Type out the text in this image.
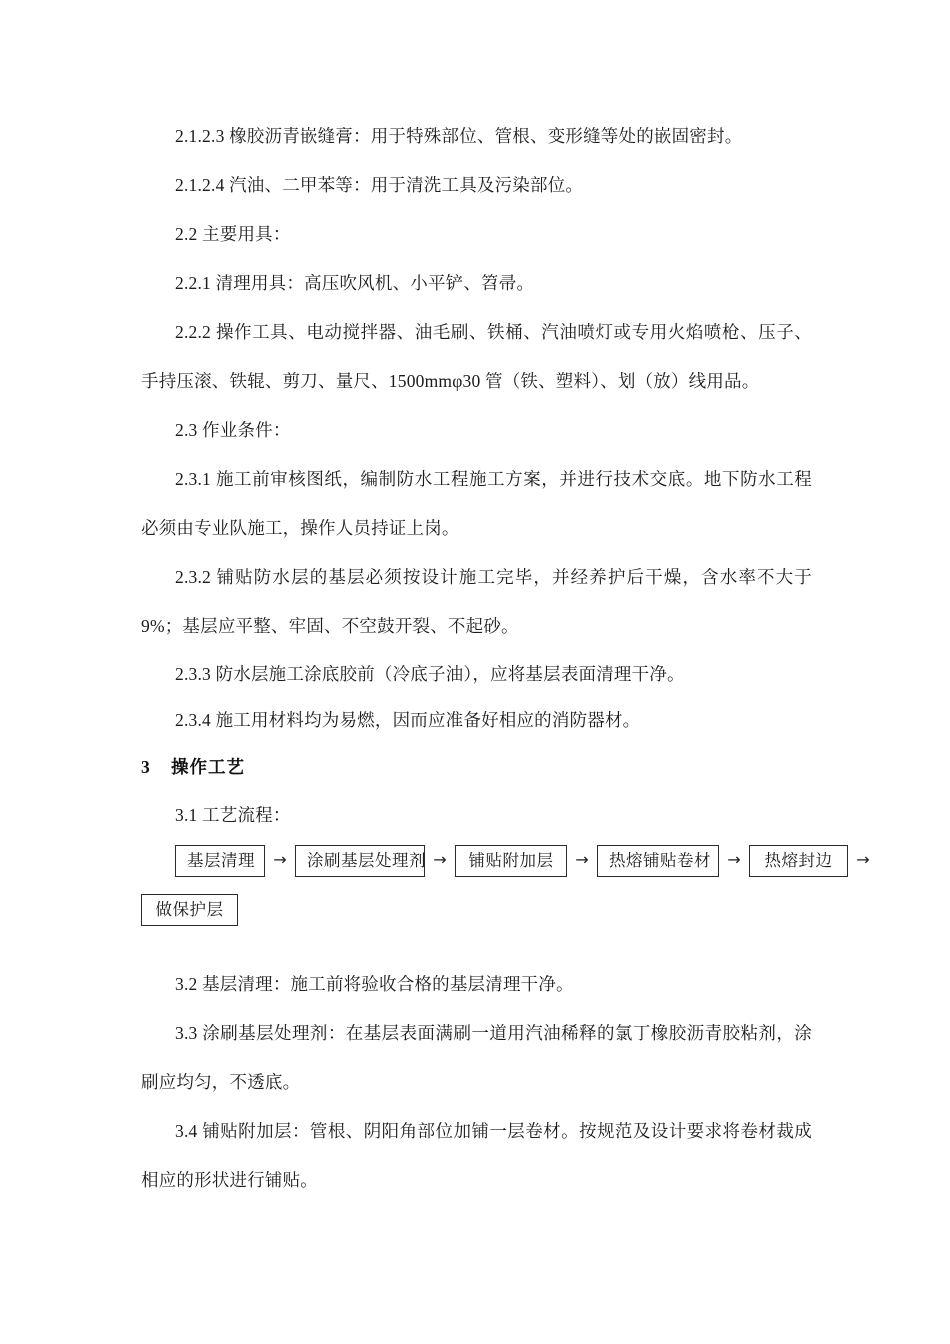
2.1.2.3 橡胶沥青嵌缝膏：用于特殊部位、管根、变形缝等处的嵌固密封。

2.1.2.4 汽油、二甲苯等：用于清洗工具及污染部位。

2.2 主要用具：

2.2.1 清理用具：高压吹风机、小平铲、笤帚。

2.2.2 操作工具、电动搅拌器、油毛刷、铁桶、汽油喷灯或专用火焰喷枪、压子、手持压滚、铁辊、剪刀、量尺、1500mmφ30 管（铁、塑料）、划（放）线用品。

2.3 作业条件：

2.3.1 施工前审核图纸，编制防水工程施工方案，并进行技术交底。地下防水工程必须由专业队施工，操作人员持证上岗。

2.3.2 铺贴防水层的基层必须按设计施工完毕，并经养护后干燥，含水率不大于 9%；基层应平整、牢固、不空鼓开裂、不起砂。

2.3.3 防水层施工涂底胶前（冷底子油），应将基层表面清理干净。

2.3.4 施工用材料均为易燃，因而应准备好相应的消防器材。

3 操作工艺

3.1 工艺流程：

基层清理 → 涂刷基层处理剂 → 铺贴附加层 → 热熔铺贴卷材 → 热熔封边 →
做保护层

3.2 基层清理：施工前将验收合格的基层清理干净。

3.3 涂刷基层处理剂：在基层表面满刷一道用汽油稀释的氯丁橡胶沥青胶粘剂，涂刷应均匀，不透底。

3.4 铺贴附加层：管根、阴阳角部位加铺一层卷材。按规范及设计要求将卷材裁成相应的形状进行铺贴。
